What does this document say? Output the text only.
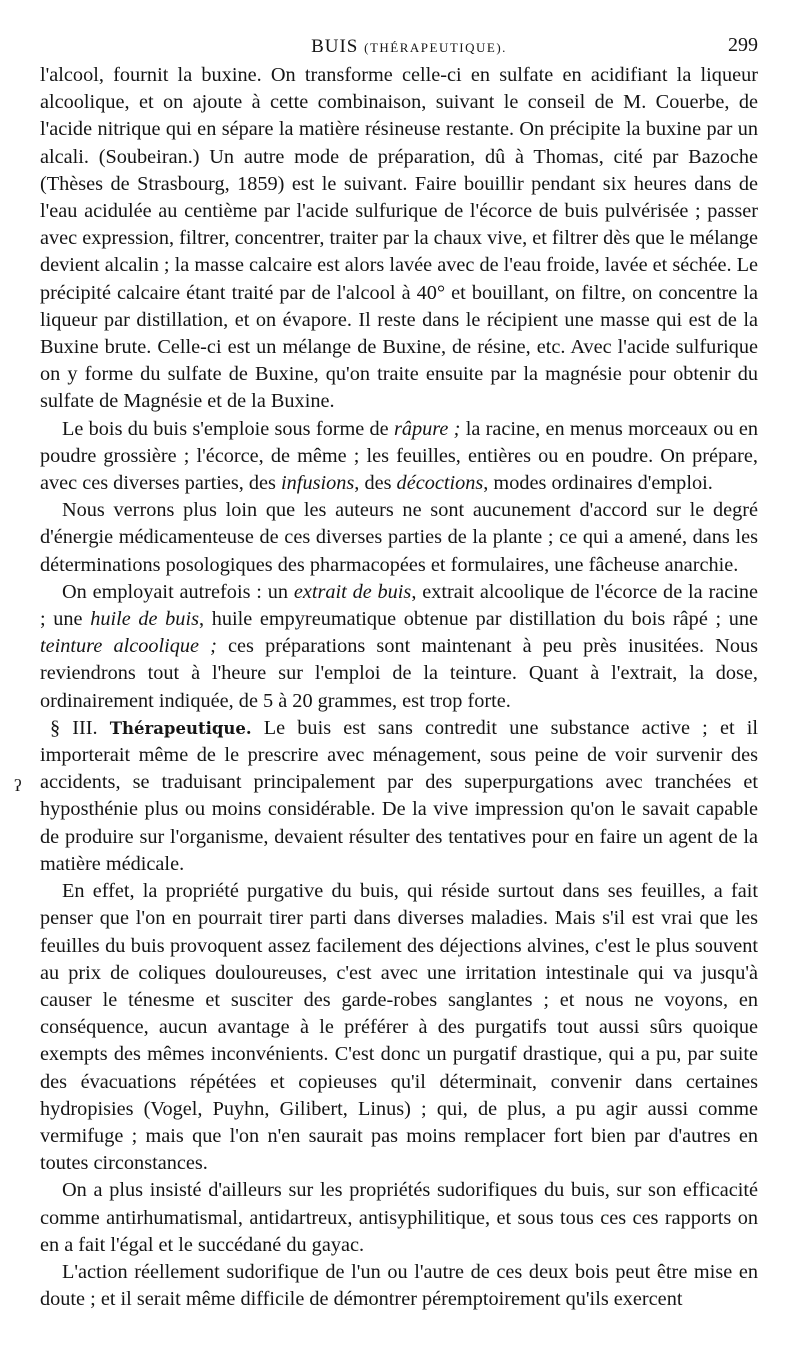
BUIS (THÉRAPEUTIQUE).	299
ʔ

l'alcool, fournit la buxine. On transforme celle-ci en sulfate en acidifiant la liqueur alcoolique, et on ajoute à cette combinaison, suivant le conseil de M. Couerbe, de l'acide nitrique qui en sépare la matière résineuse restante. On précipite la buxine par un alcali. (Soubeiran.) Un autre mode de préparation, dû à Thomas, cité par Bazoche (Thèses de Strasbourg, 1859) est le suivant. Faire bouillir pendant six heures dans de l'eau acidulée au centième par l'acide sulfurique de l'écorce de buis pulvérisée ; passer avec expression, filtrer, concentrer, traiter par la chaux vive, et filtrer dès que le mélange devient alcalin ; la masse calcaire est alors lavée avec de l'eau froide, lavée et séchée. Le précipité calcaire étant traité par de l'alcool à 40° et bouillant, on filtre, on concentre la liqueur par distillation, et on évapore. Il reste dans le récipient une masse qui est de la Buxine brute. Celle-ci est un mélange de Buxine, de résine, etc. Avec l'acide sulfurique on y forme du sulfate de Buxine, qu'on traite ensuite par la magnésie pour obtenir du sulfate de Magnésie et de la Buxine.

Le bois du buis s'emploie sous forme de râpure ; la racine, en menus morceaux ou en poudre grossière ; l'écorce, de même ; les feuilles, entières ou en poudre. On prépare, avec ces diverses parties, des infusions, des décoctions, modes ordinaires d'emploi.

Nous verrons plus loin que les auteurs ne sont aucunement d'accord sur le degré d'énergie médicamenteuse de ces diverses parties de la plante ; ce qui a amené, dans les déterminations posologiques des pharmacopées et formulaires, une fâcheuse anarchie.

On employait autrefois : un extrait de buis, extrait alcoolique de l'écorce de la racine ; une huile de buis, huile empyreumatique obtenue par distillation du bois râpé ; une teinture alcoolique ; ces préparations sont maintenant à peu près inusitées. Nous reviendrons tout à l'heure sur l'emploi de la teinture. Quant à l'extrait, la dose, ordinairement indiquée, de 5 à 20 grammes, est trop forte.

§ III. Thérapeutique. Le buis est sans contredit une substance active ; et il importerait même de le prescrire avec ménagement, sous peine de voir survenir des accidents, se traduisant principalement par des superpurgations avec tranchées et hyposthénie plus ou moins considérable. De la vive impression qu'on le savait capable de produire sur l'organisme, devaient résulter des tentatives pour en faire un agent de la matière médicale.

En effet, la propriété purgative du buis, qui réside surtout dans ses feuilles, a fait penser que l'on en pourrait tirer parti dans diverses maladies. Mais s'il est vrai que les feuilles du buis provoquent assez facilement des déjections alvines, c'est le plus souvent au prix de coliques douloureuses, c'est avec une irritation intestinale qui va jusqu'à causer le ténesme et susciter des garde-robes sanglantes ; et nous ne voyons, en conséquence, aucun avantage à le préférer à des purgatifs tout aussi sûrs quoique exempts des mêmes inconvénients. C'est donc un purgatif drastique, qui a pu, par suite des évacuations répétées et copieuses qu'il déterminait, convenir dans certaines hydropisies (Vogel, Puyhn, Gilibert, Linus) ; qui, de plus, a pu agir aussi comme vermifuge ; mais que l'on n'en saurait pas moins remplacer fort bien par d'autres en toutes circonstances.

On a plus insisté d'ailleurs sur les propriétés sudorifiques du buis, sur son efficacité comme antirhumatismal, antidartreux, antisyphilitique, et sous tous ces ces rapports on en a fait l'égal et le succédané du gayac.

L'action réellement sudorifique de l'un ou l'autre de ces deux bois peut être mise en doute ; et il serait même difficile de démontrer péremptoirement qu'ils exercent
